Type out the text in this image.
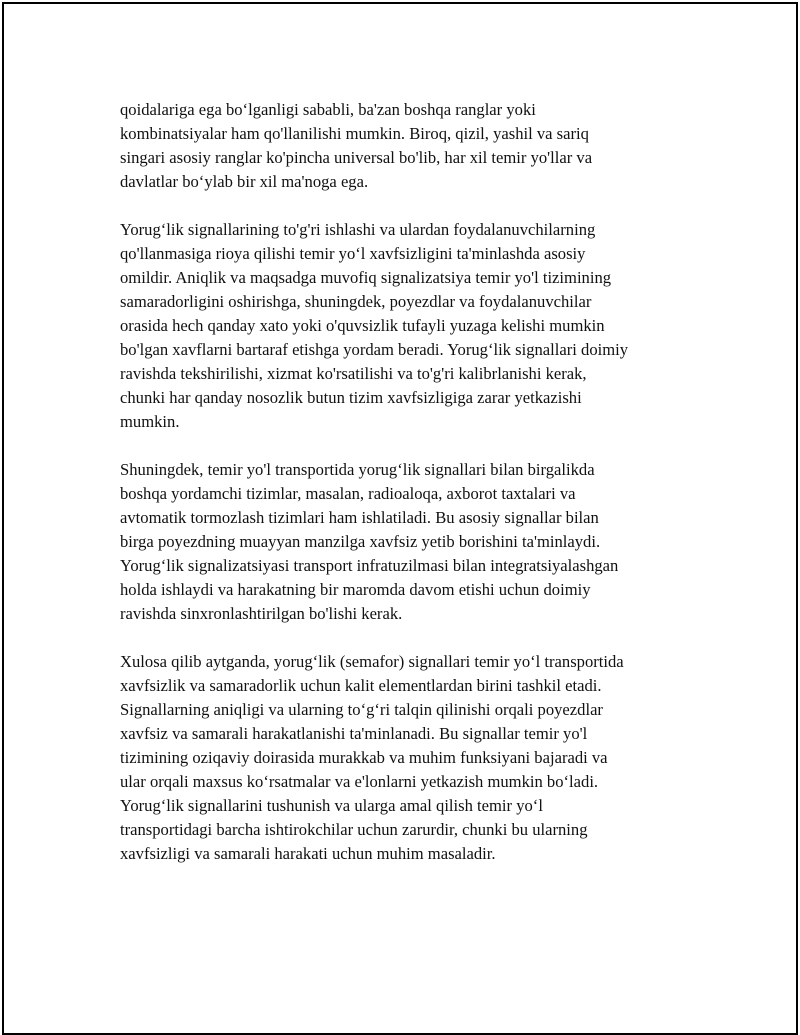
qoidalariga ega bo‘lganligi sababli, ba'zan boshqa ranglar yoki
kombinatsiyalar ham qo'llanilishi mumkin. Biroq, qizil, yashil va sariq
singari asosiy ranglar ko'pincha universal bo'lib, har xil temir yo'llar va
davlatlar bo‘ylab bir xil ma'noga ega.
Yorug‘lik signallarining to'g'ri ishlashi va ulardan foydalanuvchilarning
qo'llanmasiga rioya qilishi temir yo‘l xavfsizligini ta'minlashda asosiy
omildir. Aniqlik va maqsadga muvofiq signalizatsiya temir yo'l tizimining
samaradorligini oshirishga, shuningdek, poyezdlar va foydalanuvchilar
orasida hech qanday xato yoki o'quvsizlik tufayli yuzaga kelishi mumkin
bo'lgan xavflarni bartaraf etishga yordam beradi. Yorug‘lik signallari doimiy
ravishda tekshirilishi, xizmat ko'rsatilishi va to'g'ri kalibrlanishi kerak,
chunki har qanday nosozlik butun tizim xavfsizligiga zarar yetkazishi
mumkin.
Shuningdek, temir yo'l transportida yorug‘lik signallari bilan birgalikda
boshqa yordamchi tizimlar, masalan, radioaloqa, axborot taxtalari va
avtomatik tormozlash tizimlari ham ishlatiladi. Bu asosiy signallar bilan
birga poyezdning muayyan manzilga xavfsiz yetib borishini ta'minlaydi.
Yorug‘lik signalizatsiyasi transport infratuzilmasi bilan integratsiyalashgan
holda ishlaydi va harakatning bir maromda davom etishi uchun doimiy
ravishda sinxronlashtirilgan bo'lishi kerak.
Xulosa qilib aytganda, yorug‘lik (semafor) signallari temir yo‘l transportida
xavfsizlik va samaradorlik uchun kalit elementlardan birini tashkil etadi.
Signallarning aniqligi va ularning to‘g‘ri talqin qilinishi orqali poyezdlar
xavfsiz va samarali harakatlanishi ta'minlanadi. Bu signallar temir yo'l
tizimining oziqaviy doirasida murakkab va muhim funksiyani bajaradi va
ular orqali maxsus ko‘rsatmalar va e'lonlarni yetkazish mumkin bo‘ladi.
Yorug‘lik signallarini tushunish va ularga amal qilish temir yo‘l
transportidagi barcha ishtirokchilar uchun zarurdir, chunki bu ularning
xavfsizligi va samarali harakati uchun muhim masaladir.
